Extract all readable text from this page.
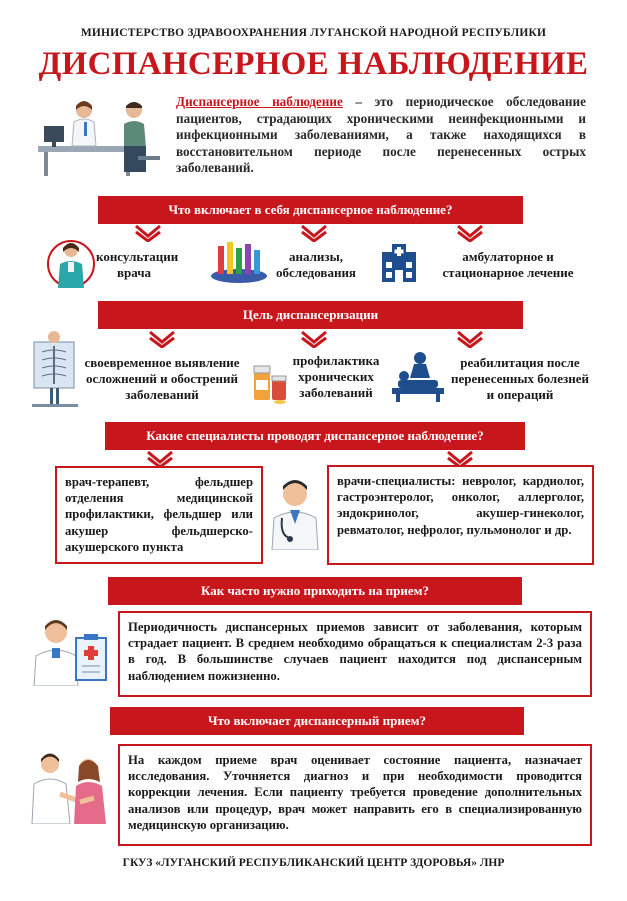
МИНИСТЕРСТВО ЗДРАВООХРАНЕНИЯ ЛУГАНСКОЙ НАРОДНОЙ РЕСПУБЛИКИ
ДИСПАНСЕРНОЕ НАБЛЮДЕНИЕ
Диспансерное наблюдение – это периодическое обследование пациентов, страдающих хроническими неинфекционными и инфекционными заболеваниями, а также находящихся в восстановительном периоде после перенесенных острых заболеваний.
Что включает в себя диспансерное наблюдение?
консультации врача
анализы, обследования
амбулаторное и стационарное лечение
Цель диспансеризации
своевременное выявление осложнений и обострений заболеваний
профилактика хронических заболеваний
реабилитация после перенесенных болезней и операций
Какие специалисты проводят диспансерное наблюдение?
врач-терапевт, фельдшер отделения медицинской профилактики, фельдшер или акушер фельдшерско-акушерского пункта
врачи-специалисты: невролог, кардиолог, гастроэнтеролог, онколог, аллерголог, эндокринолог, акушер-гинеколог, ревматолог, нефролог, пульмонолог и др.
Как часто нужно приходить на прием?
Периодичность диспансерных приемов зависит от заболевания, которым страдает пациент. В среднем необходимо обращаться к специалистам 2-3 раза в год. В большинстве случаев пациент находится под диспансерным наблюдением пожизненно.
Что включает диспансерный прием?
На каждом приеме врач оценивает состояние пациента, назначает исследования. Уточняется диагноз и при необходимости проводится коррекции лечения. Если пациенту требуется проведение дополнительных анализов или процедур, врач может направить его в специализированную медицинскую организацию.
ГКУЗ «ЛУГАНСКИЙ РЕСПУБЛИКАНСКИЙ ЦЕНТР ЗДОРОВЬЯ» ЛНР
